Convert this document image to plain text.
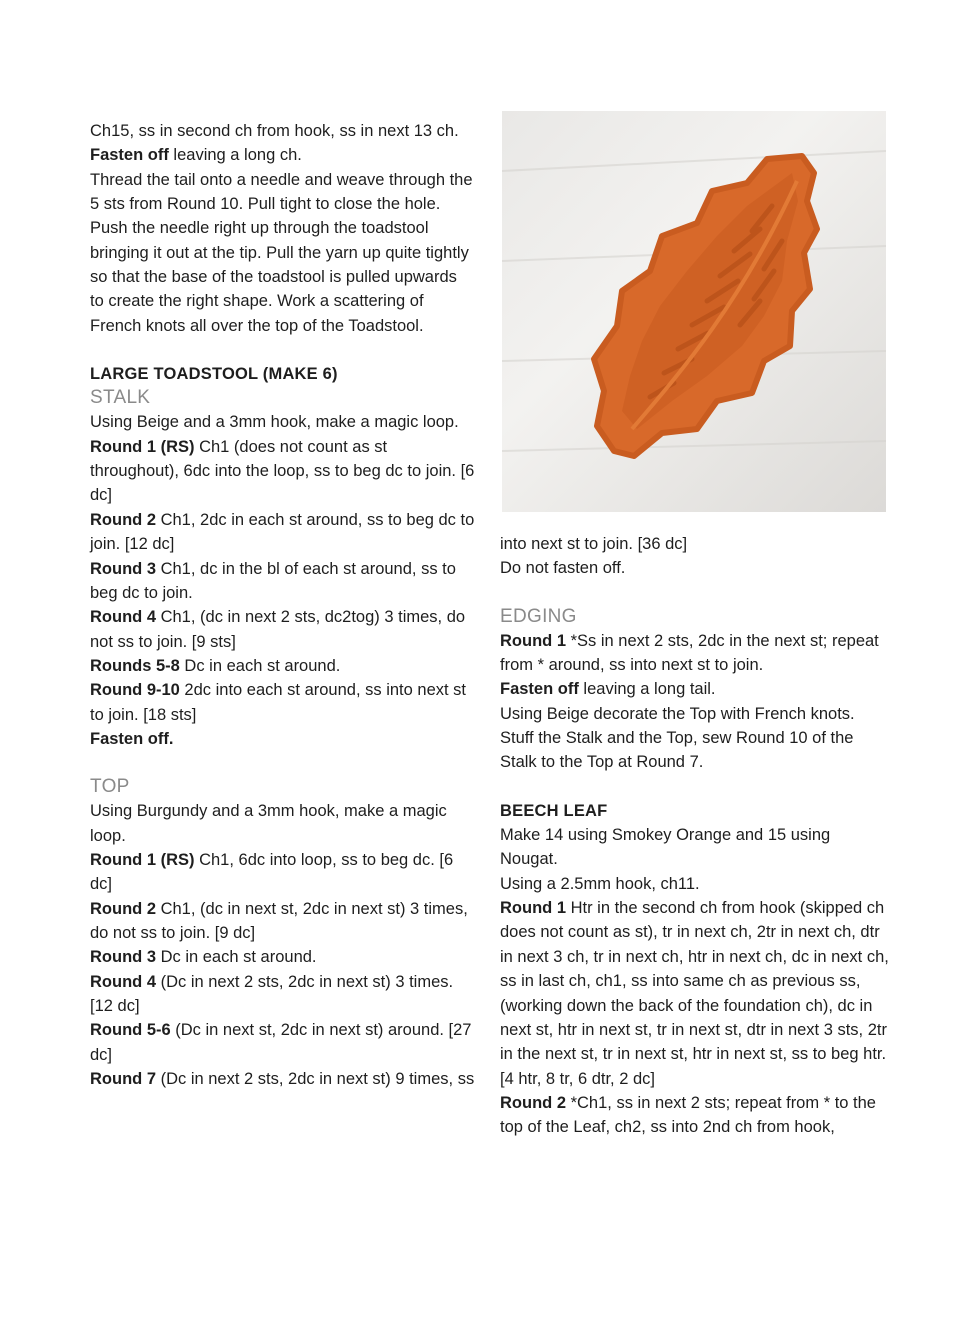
Ch15, ss in second ch from hook, ss in next 13 ch.

Fasten off leaving a long ch.

Thread the tail onto a needle and weave through the 5 sts from Round 10. Pull tight to close the hole.

Push the needle right up through the toadstool bringing it out at the tip. Pull the yarn up quite tightly so that the base of the toadstool is pulled upwards to create the right shape. Work a scattering of French knots all over the top of the Toadstool.

LARGE TOADSTOOL (MAKE 6)

STALK

Using Beige and a 3mm hook, make a magic loop.

Round 1 (RS) Ch1 (does not count as st throughout), 6dc into the loop, ss to beg dc to join. [6 dc]

Round 2 Ch1, 2dc in each st around, ss to beg dc to join. [12 dc]

Round 3 Ch1, dc in the bl of each st around, ss to beg dc to join.

Round 4 Ch1, (dc in next 2 sts, dc2tog) 3 times, do not ss to join. [9 sts]

Rounds 5-8 Dc in each st around.

Round 9-10 2dc into each st around, ss into next st to join. [18 sts]

Fasten off.

TOP

Using Burgundy and a 3mm hook, make a magic loop.

Round 1 (RS) Ch1, 6dc into loop, ss to beg dc. [6 dc]

Round 2 Ch1, (dc in next st, 2dc in next st) 3 times, do not ss to join. [9 dc]

Round 3 Dc in each st around.

Round 4 (Dc in next 2 sts, 2dc in next st) 3 times. [12 dc]

Round 5-6 (Dc in next st, 2dc in next st) around. [27 dc]

Round 7 (Dc in next 2 sts, 2dc in next st) 9 times, ss

into next st to join. [36 dc]

Do not fasten off.

EDGING

Round 1 *Ss in next 2 sts, 2dc in the next st; repeat from * around, ss into next st to join.

Fasten off leaving a long tail.

Using Beige decorate the Top with French knots. Stuff the Stalk and the Top, sew Round 10 of the Stalk to the Top at Round 7.

BEECH LEAF

Make 14 using Smokey Orange and 15 using Nougat.

Using a 2.5mm hook, ch11.

Round 1 Htr in the second ch from hook (skipped ch does not count as st), tr in next ch, 2tr in next ch, dtr in next 3 ch, tr in next ch, htr in next ch, dc in next ch, ss in last ch, ch1, ss into same ch as previous ss, (working down the back of the foundation ch), dc in next st, htr in next st, tr in next st, dtr in next 3 sts, 2tr in the next st, tr in next st, htr in next st, ss to beg htr. [4 htr, 8 tr, 6 dtr, 2 dc]

Round 2 *Ch1, ss in next 2 sts; repeat from * to the top of the Leaf, ch2, ss into 2nd ch from hook,
